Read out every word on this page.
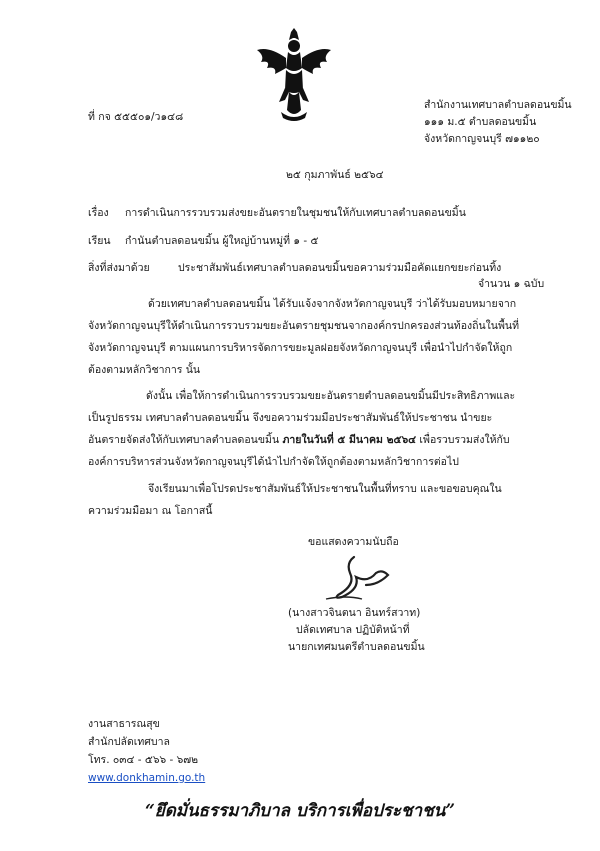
ที่ กจ ๕๕๕๐๑/ว๑๔๘
สำนักงานเทศบาลตำบลดอนขมิ้น
๑๑๑ ม.๕ ตำบลดอนขมิ้น
จังหวัดกาญจนบุรี ๗๑๑๒๐
๒๕ กุมภาพันธ์ ๒๕๖๔
เรื่อง การดำเนินการรวบรวมส่งขยะอันตรายในชุมชนให้กับเทศบาลตำบลดอนขมิ้น
เรียน กำนันตำบลดอนขมิ้น ผู้ใหญ่บ้านหมู่ที่ ๑ - ๕
สิ่งที่ส่งมาด้วย	ประชาสัมพันธ์เทศบาลตำบลดอนขมิ้นขอความร่วมมือคัดแยกขยะก่อนทิ้ง
จำนวน ๑ ฉบับ
ด้วยเทศบาลตำบลดอนขมิ้น ได้รับแจ้งจากจังหวัดกาญจนบุรี ว่าได้รับมอบหมายจากจังหวัดกาญจนบุรีให้ดำเนินการรวบรวมขยะอันตรายชุมชนจากองค์กรปกครองส่วนท้องถิ่นในพื้นที่จังหวัดกาญจนบุรี ตามแผนการบริหารจัดการขยะมูลฝอยจังหวัดกาญจนบุรี เพื่อนำไปกำจัดให้ถูกต้องตามหลักวิชาการ นั้น
ดังนั้น เพื่อให้การดำเนินการรวบรวมขยะอันตรายตำบลดอนขมิ้นมีประสิทธิภาพและเป็นรูปธรรม เทศบาลตำบลดอนขมิ้น จึงขอความร่วมมือประชาสัมพันธ์ให้ประชาชน นำขยะอันตรายจัดส่งให้กับเทศบาลตำบลดอนขมิ้น ภายในวันที่ ๕ มีนาคม ๒๕๖๔ เพื่อรวบรวมส่งให้กับองค์การบริหารส่วนจังหวัดกาญจนบุรีได้นำไปกำจัดให้ถูกต้องตามหลักวิชาการต่อไป
จึงเรียนมาเพื่อโปรดประชาสัมพันธ์ให้ประชาชนในพื้นที่ทราบ และขอขอบคุณในความร่วมมือมา ณ โอกาสนี้
ขอแสดงความนับถือ
(นางสาวจินตนา อินทร์สวาท)
ปลัดเทศบาล ปฏิบัติหน้าที่
นายกเทศมนตรีตำบลดอนขมิ้น
งานสาธารณสุข
สำนักปลัดเทศบาล
โทร. ๐๓๔ - ๕๖๖ - ๖๗๒
www.donkhamin.go.th
“ยึดมั่นธรรมาภิบาล บริการเพื่อประชาชน”
